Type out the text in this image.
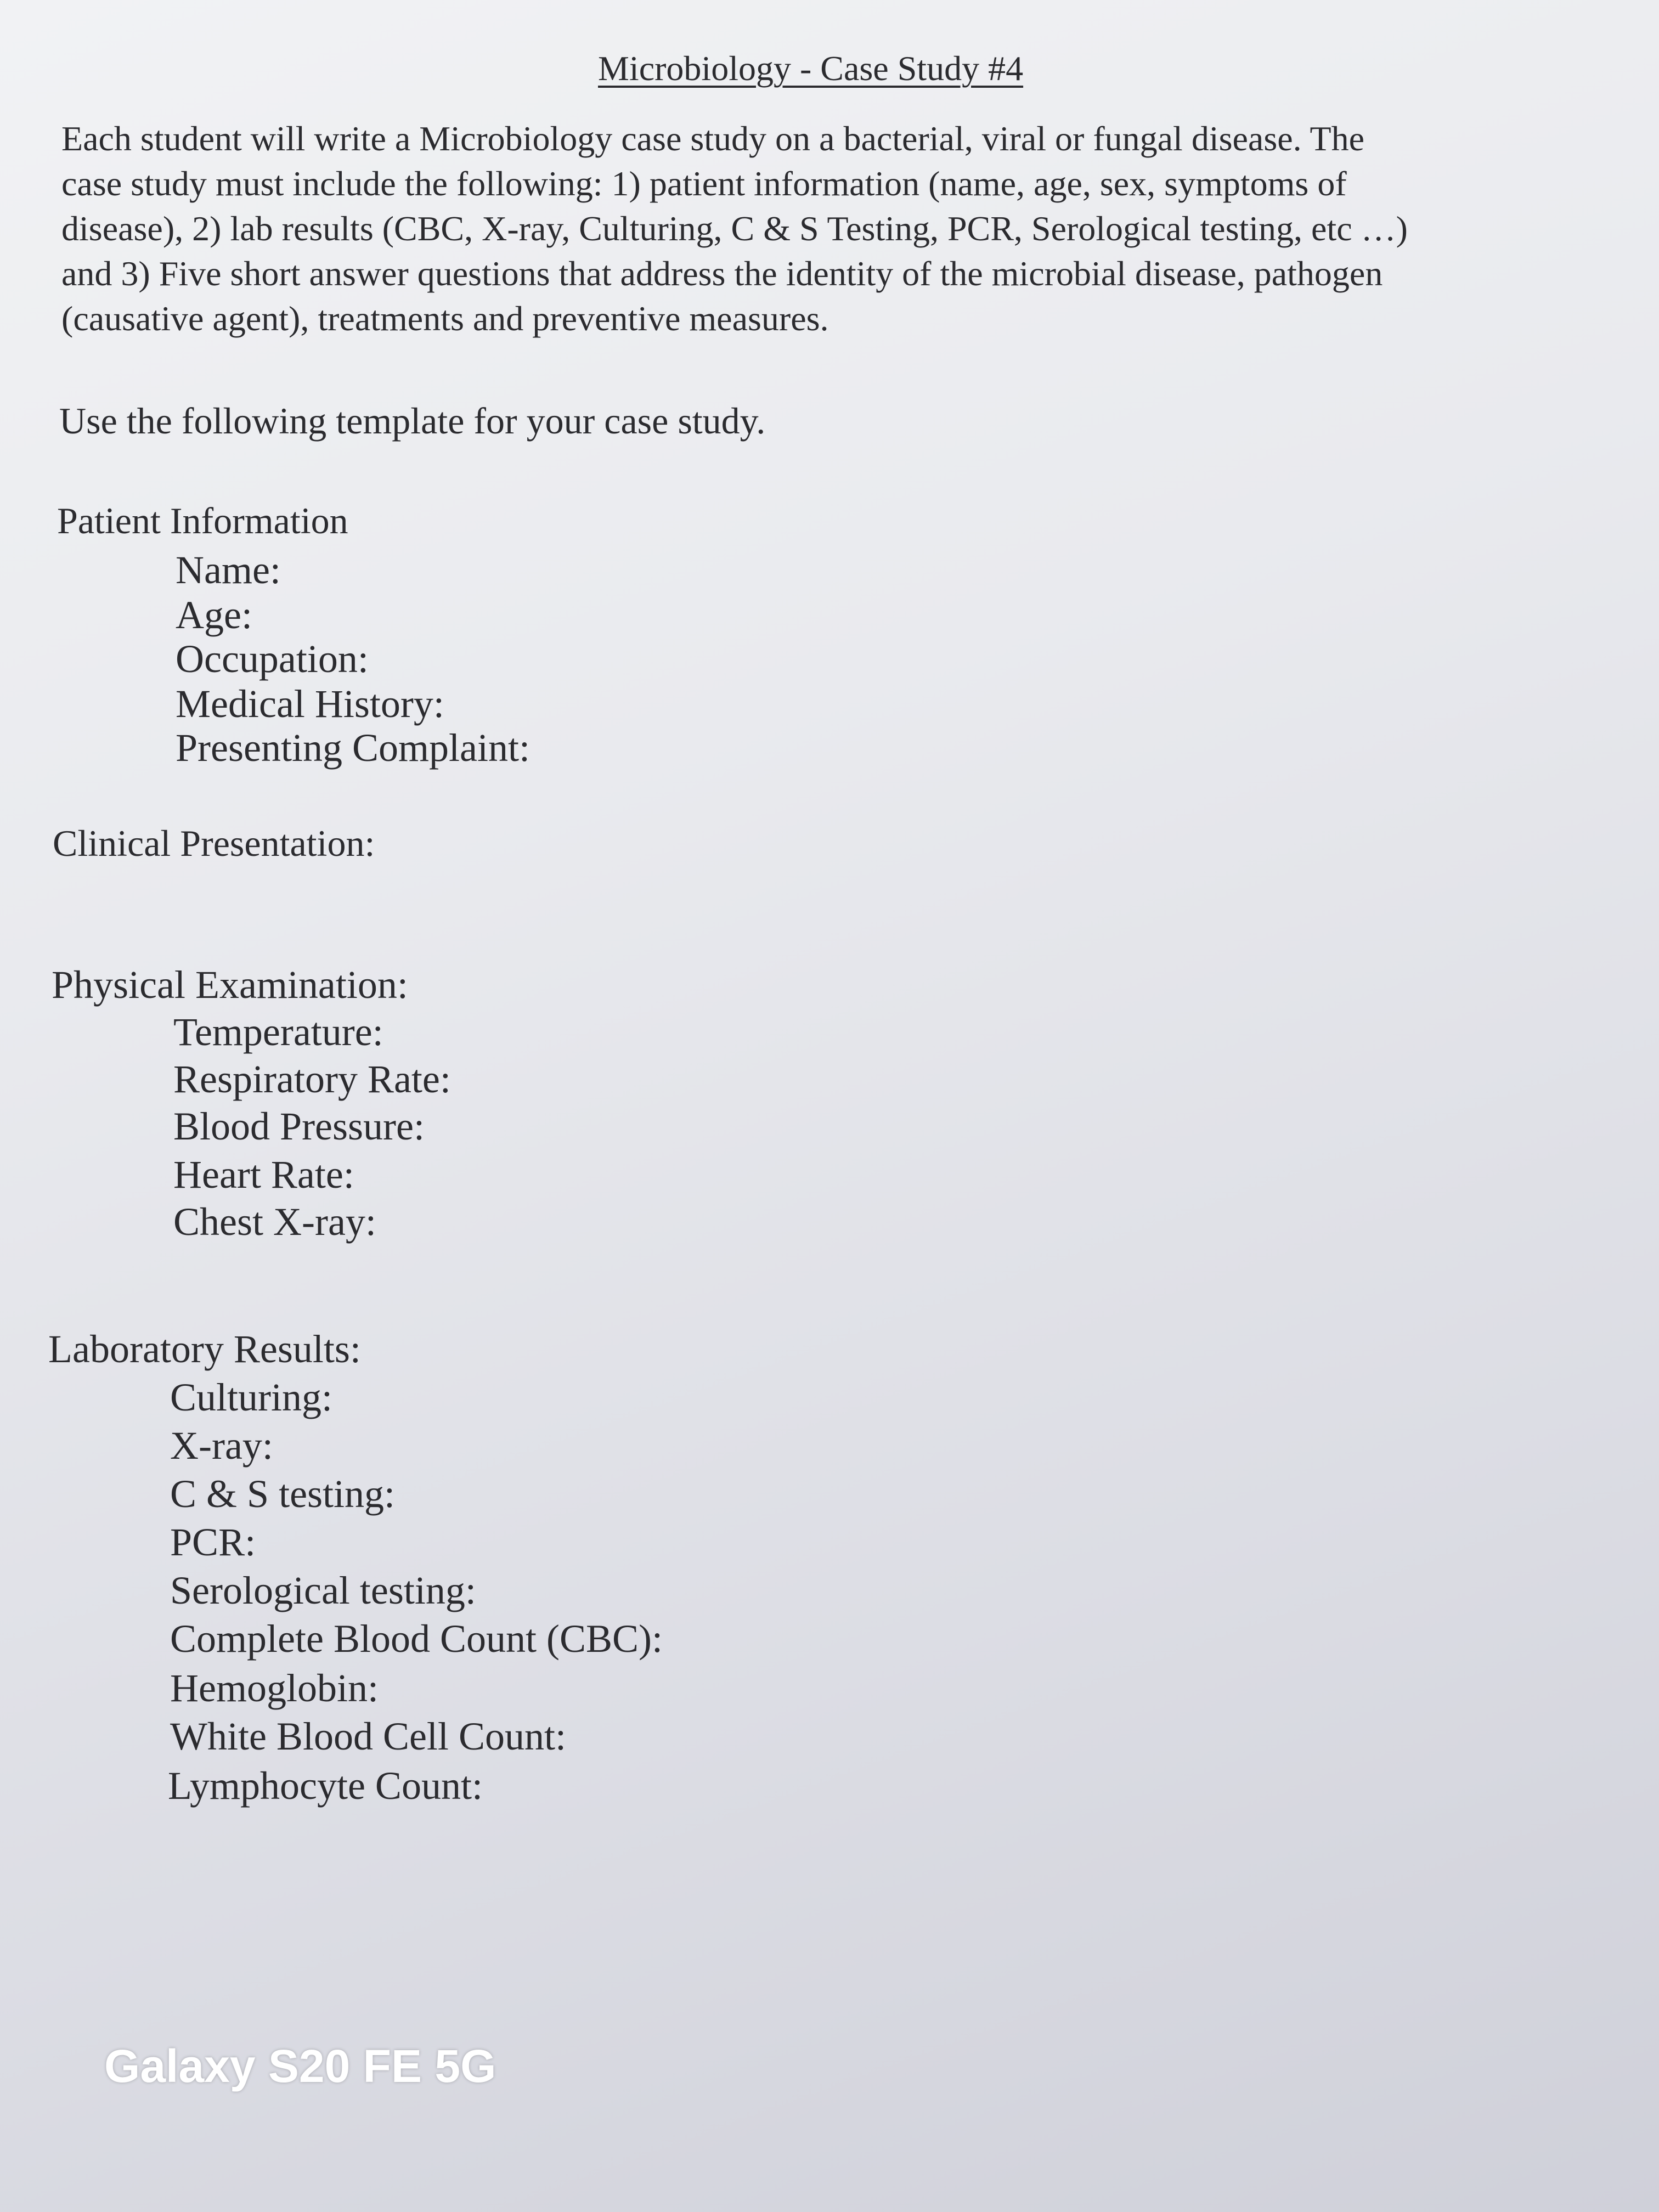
Microbiology - Case Study #4
Each student will write a Microbiology case study on a bacterial, viral or fungal disease. The
case study must include the following: 1) patient information (name, age, sex, symptoms of
disease), 2) lab results (CBC, X-ray, Culturing, C & S Testing, PCR, Serological testing, etc …)
and 3) Five short answer questions that address the identity of the microbial disease, pathogen
(causative agent), treatments and preventive measures.
Use the following template for your case study.
Patient Information
Name:
Age:
Occupation:
Medical History:
Presenting Complaint:
Clinical Presentation:
Physical Examination:
Temperature:
Respiratory Rate:
Blood Pressure:
Heart Rate:
Chest X-ray:
Laboratory Results:
Culturing:
X-ray:
C & S testing:
PCR:
Serological testing:
Complete Blood Count (CBC):
Hemoglobin:
White Blood Cell Count:
Lymphocyte Count:
Galaxy S20 FE 5G
